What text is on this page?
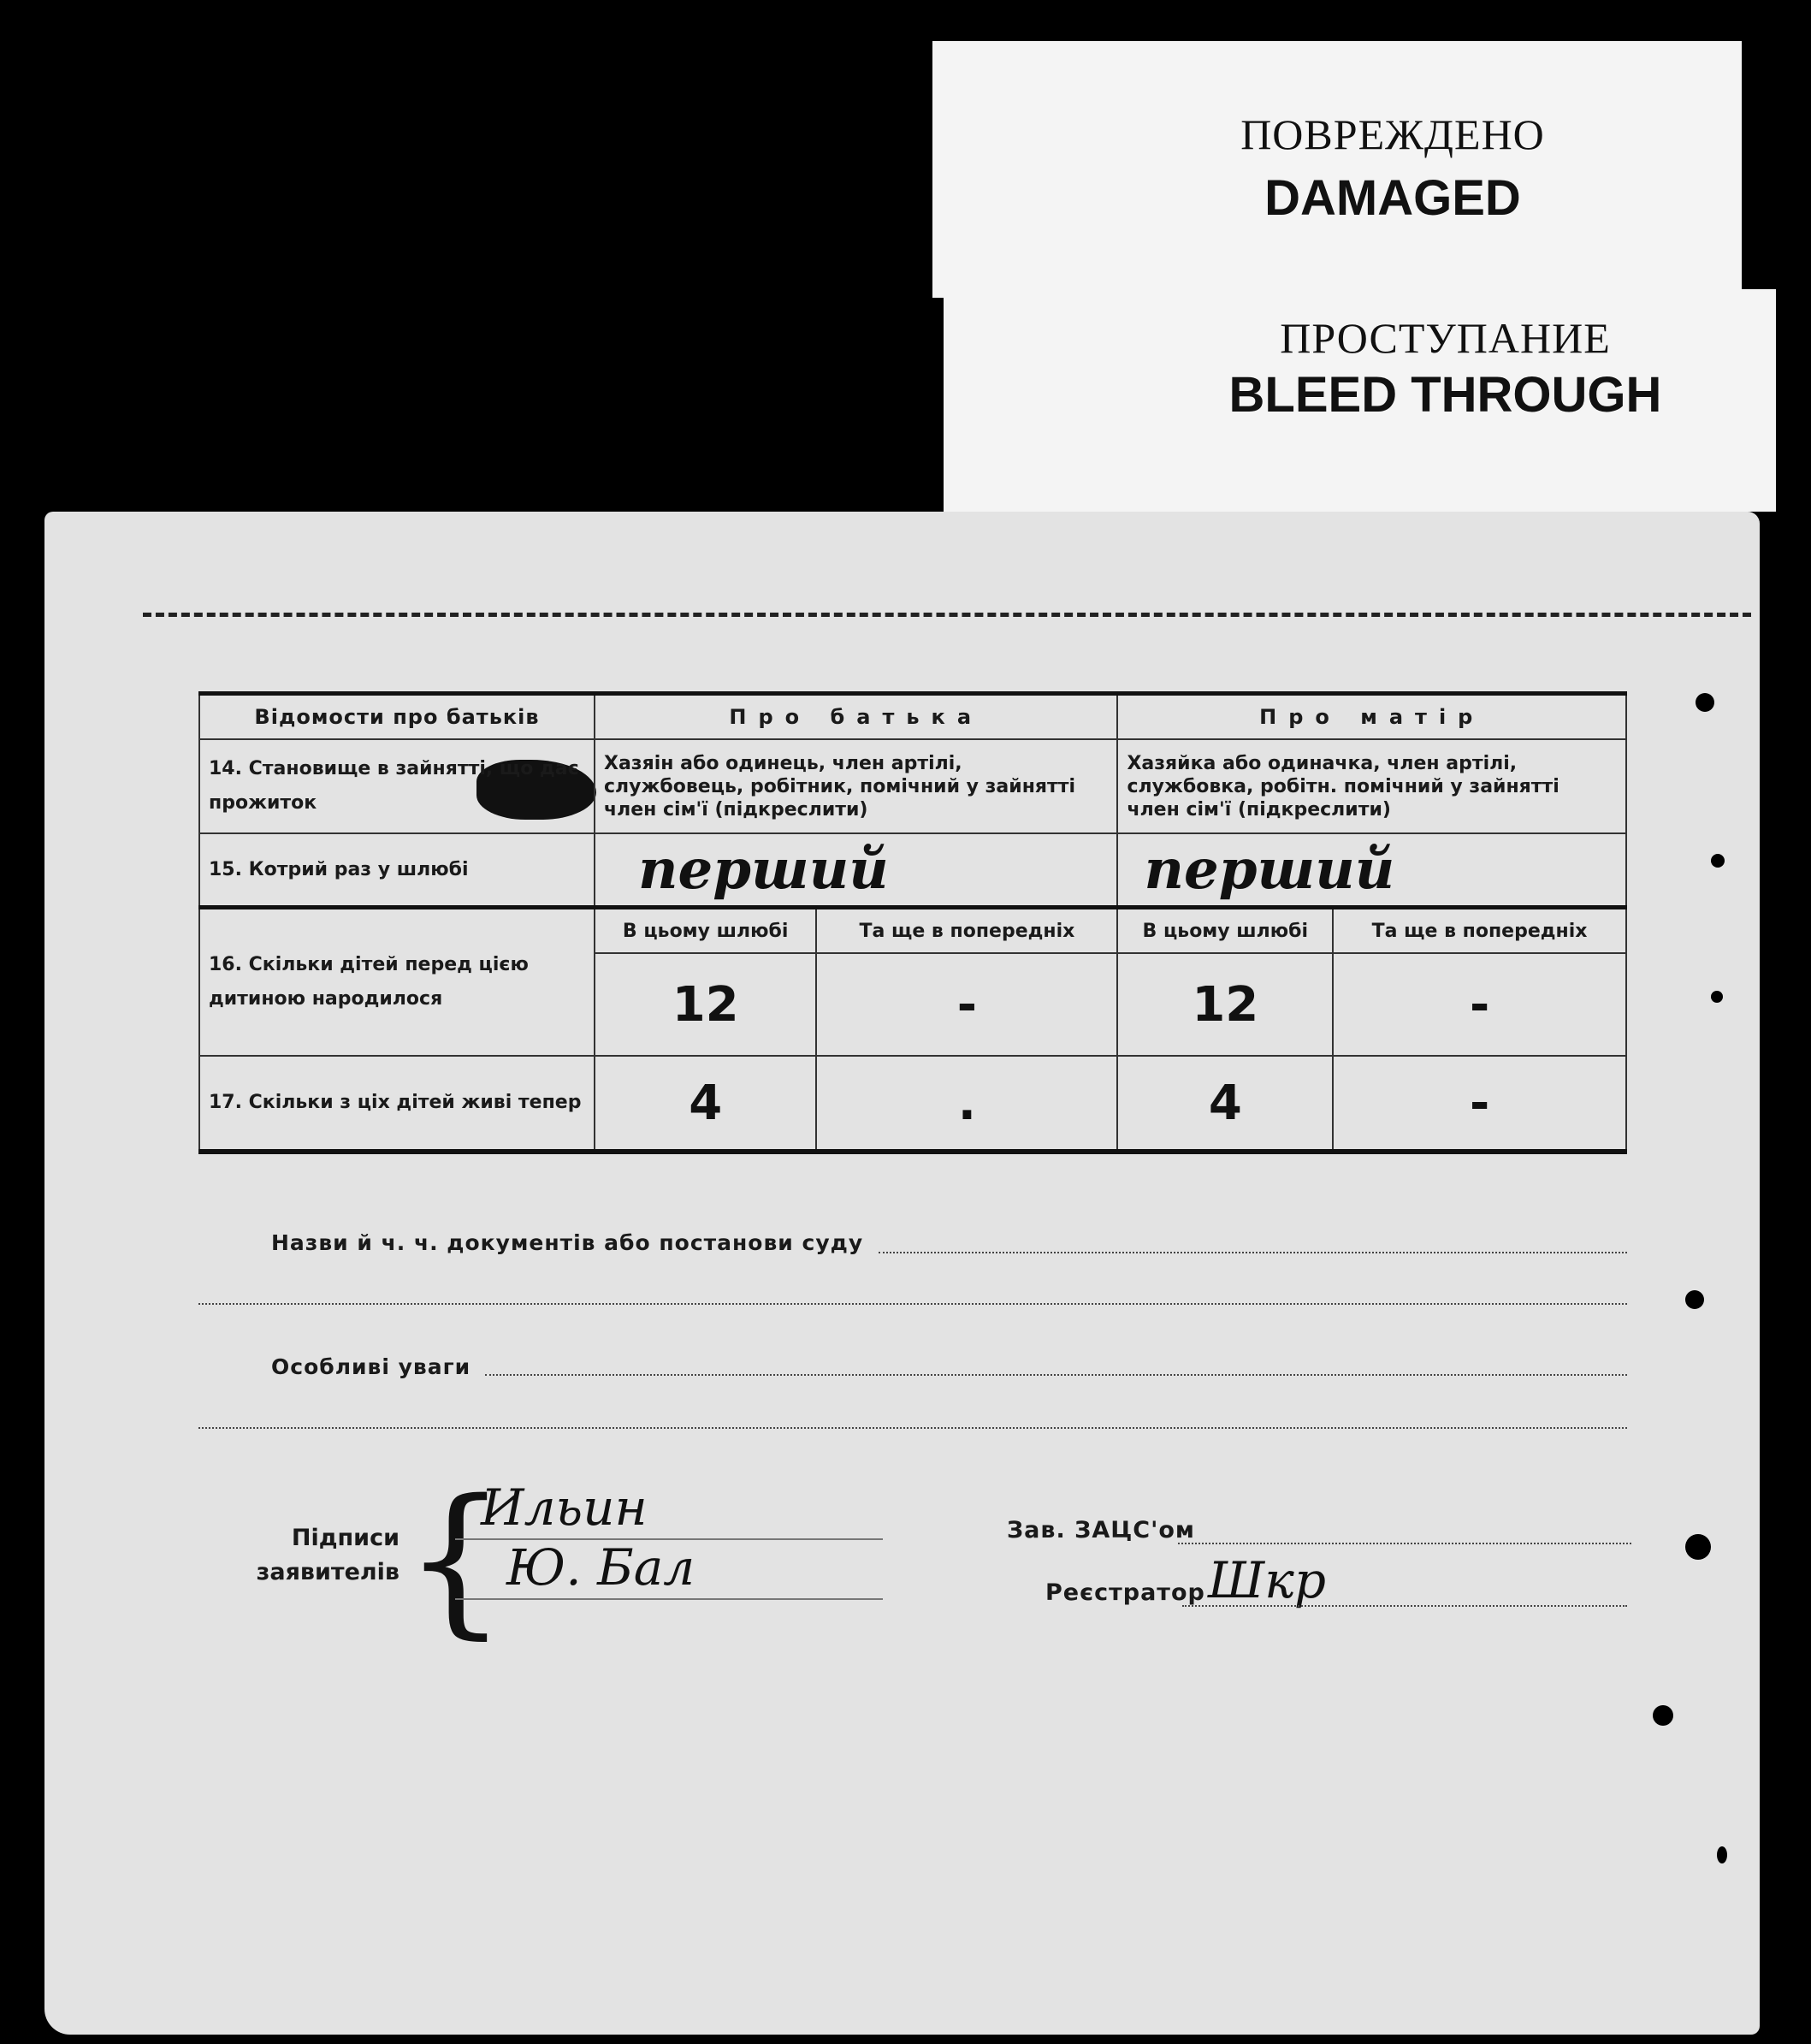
ПОВРЕЖДЕНО
DAMAGED
ПРОСТУПАНИЕ
BLEED THROUGH
Відомости про батьків	Про батька		Про матір	
14. Становище в зайнятті, що дає прожиток	Хазяін або одинець, член артілі, службовець, робітник, помічний у зайнятті член сім'ї (підкреслити)		Хазяйка або одиначка, член артілі, службовка, робітн. помічний у зайнятті член сім'ї (підкреслити)	
15. Котрий раз у шлюбі	перший		перший	
16. Скільки дітей перед цією дитиною народилося	В цьому шлюбі	Та ще в попередніх	В цьому шлюбі	Та ще в попередніх
	12	-	12	-
17. Скільки з ціх дітей живі тепер	4	.	4	-
Назви й ч. ч. документів або постанови суду
Особливі уваги
Підписи
заявителів {
Ильин
Ю. Бал
Зав. ЗАЦС'ом
Реєстратор Шкр
